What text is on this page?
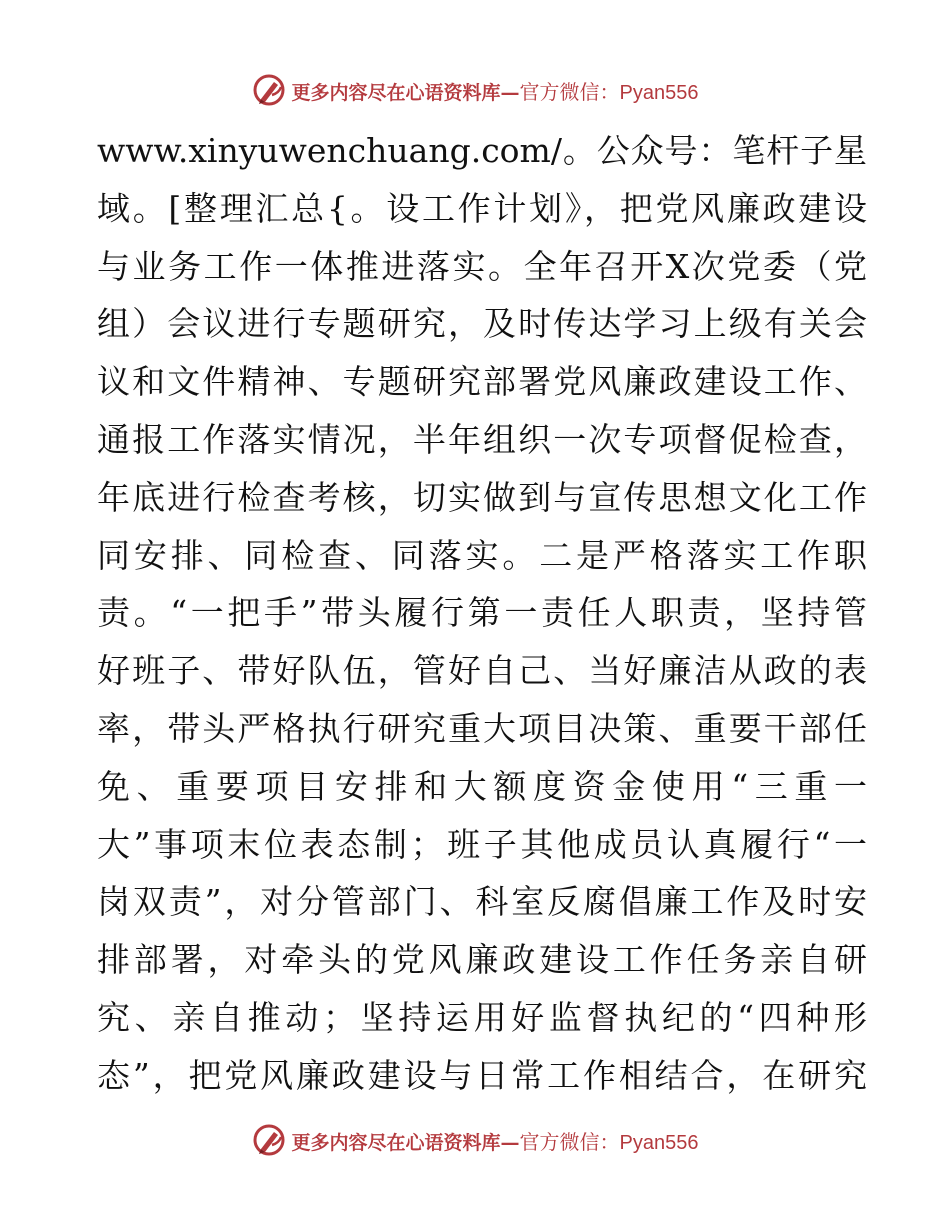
更多内容尽在心语资料库—官方微信：Pyan556
www.xinyuwenchuang.com/。公众号：笔杆子星
域。[整理汇总{。设工作计划》，把党风廉政建设
与业务工作一体推进落实。全年召开X次党委（党
组）会议进行专题研究，及时传达学习上级有关会
议和文件精神、专题研究部署党风廉政建设工作、
通报工作落实情况，半年组织一次专项督促检查，
年底进行检查考核，切实做到与宣传思想文化工作
同安排、同检查、同落实。二是严格落实工作职
责。“一把手”带头履行第一责任人职责，坚持管
好班子、带好队伍，管好自己、当好廉洁从政的表
率，带头严格执行研究重大项目决策、重要干部任
免、重要项目安排和大额度资金使用“三重一
大”事项末位表态制；班子其他成员认真履行“一
岗双责”，对分管部门、科室反腐倡廉工作及时安
排部署，对牵头的党风廉政建设工作任务亲自研
究、亲自推动；坚持运用好监督执纪的“四种形
态”，把党风廉政建设与日常工作相结合，在研究
更多内容尽在心语资料库—官方微信：Pyan556
